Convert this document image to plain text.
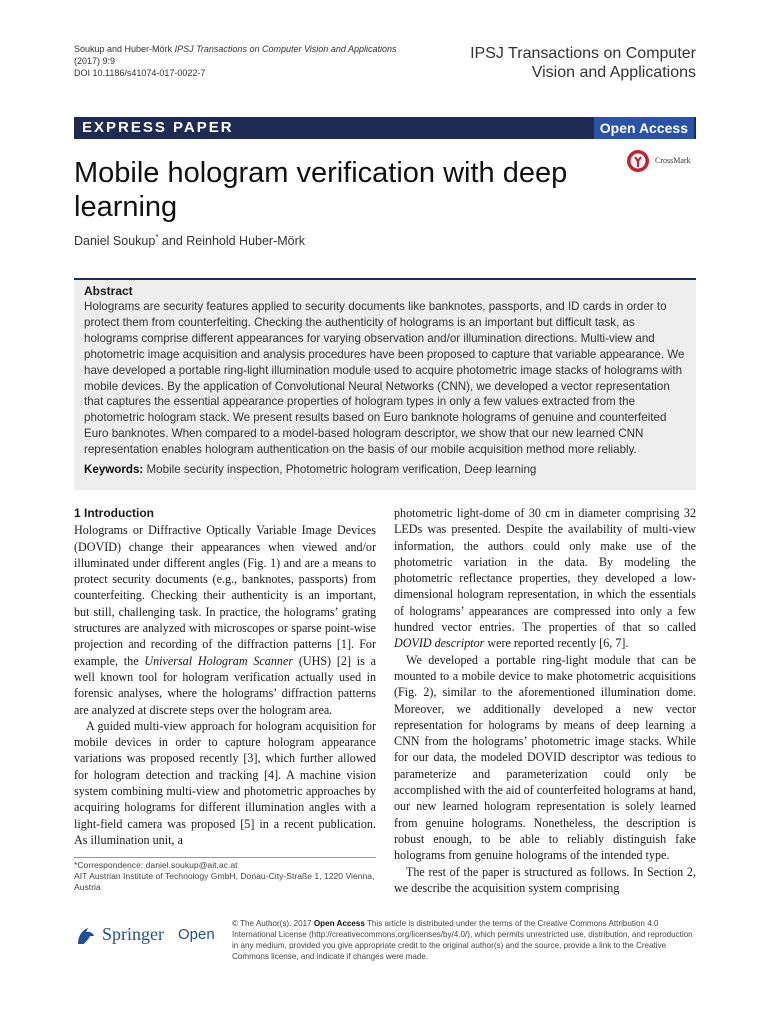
Soukup and Huber-Mörk IPSJ Transactions on Computer Vision and Applications (2017) 9:9
DOI 10.1186/s41074-017-0022-7
IPSJ Transactions on Computer
Vision and Applications
EXPRESS PAPER	Open Access
Mobile hologram verification with deep learning
CrossMark
Daniel Soukup* and Reinhold Huber-Mörk
Abstract
Holograms are security features applied to security documents like banknotes, passports, and ID cards in order to protect them from counterfeiting. Checking the authenticity of holograms is an important but difficult task, as holograms comprise different appearances for varying observation and/or illumination directions. Multi-view and photometric image acquisition and analysis procedures have been proposed to capture that variable appearance. We have developed a portable ring-light illumination module used to acquire photometric image stacks of holograms with mobile devices. By the application of Convolutional Neural Networks (CNN), we developed a vector representation that captures the essential appearance properties of hologram types in only a few values extracted from the photometric hologram stack. We present results based on Euro banknote holograms of genuine and counterfeited Euro banknotes. When compared to a model-based hologram descriptor, we show that our new learned CNN representation enables hologram authentication on the basis of our mobile acquisition method more reliably.
Keywords: Mobile security inspection, Photometric hologram verification, Deep learning
1 Introduction

Holograms or Diffractive Optically Variable Image Devices (DOVID) change their appearances when viewed and/or illuminated under different angles (Fig. 1) and are a means to protect security documents (e.g., banknotes, passports) from counterfeiting. Checking their authenticity is an important, but still, challenging task. In practice, the holograms’ grating structures are analyzed with microscopes or sparse point-wise projection and recording of the diffraction patterns [1]. For example, the Universal Hologram Scanner (UHS) [2] is a well known tool for hologram verification actually used in forensic analyses, where the holograms’ diffraction patterns are analyzed at discrete steps over the hologram area.

A guided multi-view approach for hologram acquisition for mobile devices in order to capture hologram appearance variations was proposed recently [3], which further allowed for hologram detection and tracking [4]. A machine vision system combining multi-view and photometric approaches by acquiring holograms for different illumination angles with a light-field camera was proposed [5] in a recent publication. As illumination unit, a

photometric light-dome of 30 cm in diameter comprising 32 LEDs was presented. Despite the availability of multi-view information, the authors could only make use of the photometric variation in the data. By modeling the photometric reflectance properties, they developed a low-dimensional hologram representation, in which the essentials of holograms’ appearances are compressed into only a few hundred vector entries. The properties of that so called DOVID descriptor were reported recently [6, 7].

We developed a portable ring-light module that can be mounted to a mobile device to make photometric acquisitions (Fig. 2), similar to the aforementioned illumination dome. Moreover, we additionally developed a new vector representation for holograms by means of deep learning a CNN from the holograms’ photometric image stacks. While for our data, the modeled DOVID descriptor was tedious to parameterize and parameterization could only be accomplished with the aid of counterfeited holograms at hand, our new learned hologram representation is solely learned from genuine holograms. Nonetheless, the description is robust enough, to be able to reliably distinguish fake holograms from genuine holograms of the intended type.

The rest of the paper is structured as follows. In Section 2, we describe the acquisition system comprising

*Correspondence: daniel.soukup@ait.ac.at
AIT Austrian Institute of Technology GmbH, Donau-City-Straße 1, 1220 Vienna, Austria
Springer Open
© The Author(s). 2017 Open Access This article is distributed under the terms of the Creative Commons Attribution 4.0 International License (http://creativecommons.org/licenses/by/4.0/), which permits unrestricted use, distribution, and reproduction in any medium, provided you give appropriate credit to the original author(s) and the source, provide a link to the Creative Commons license, and indicate if changes were made.
